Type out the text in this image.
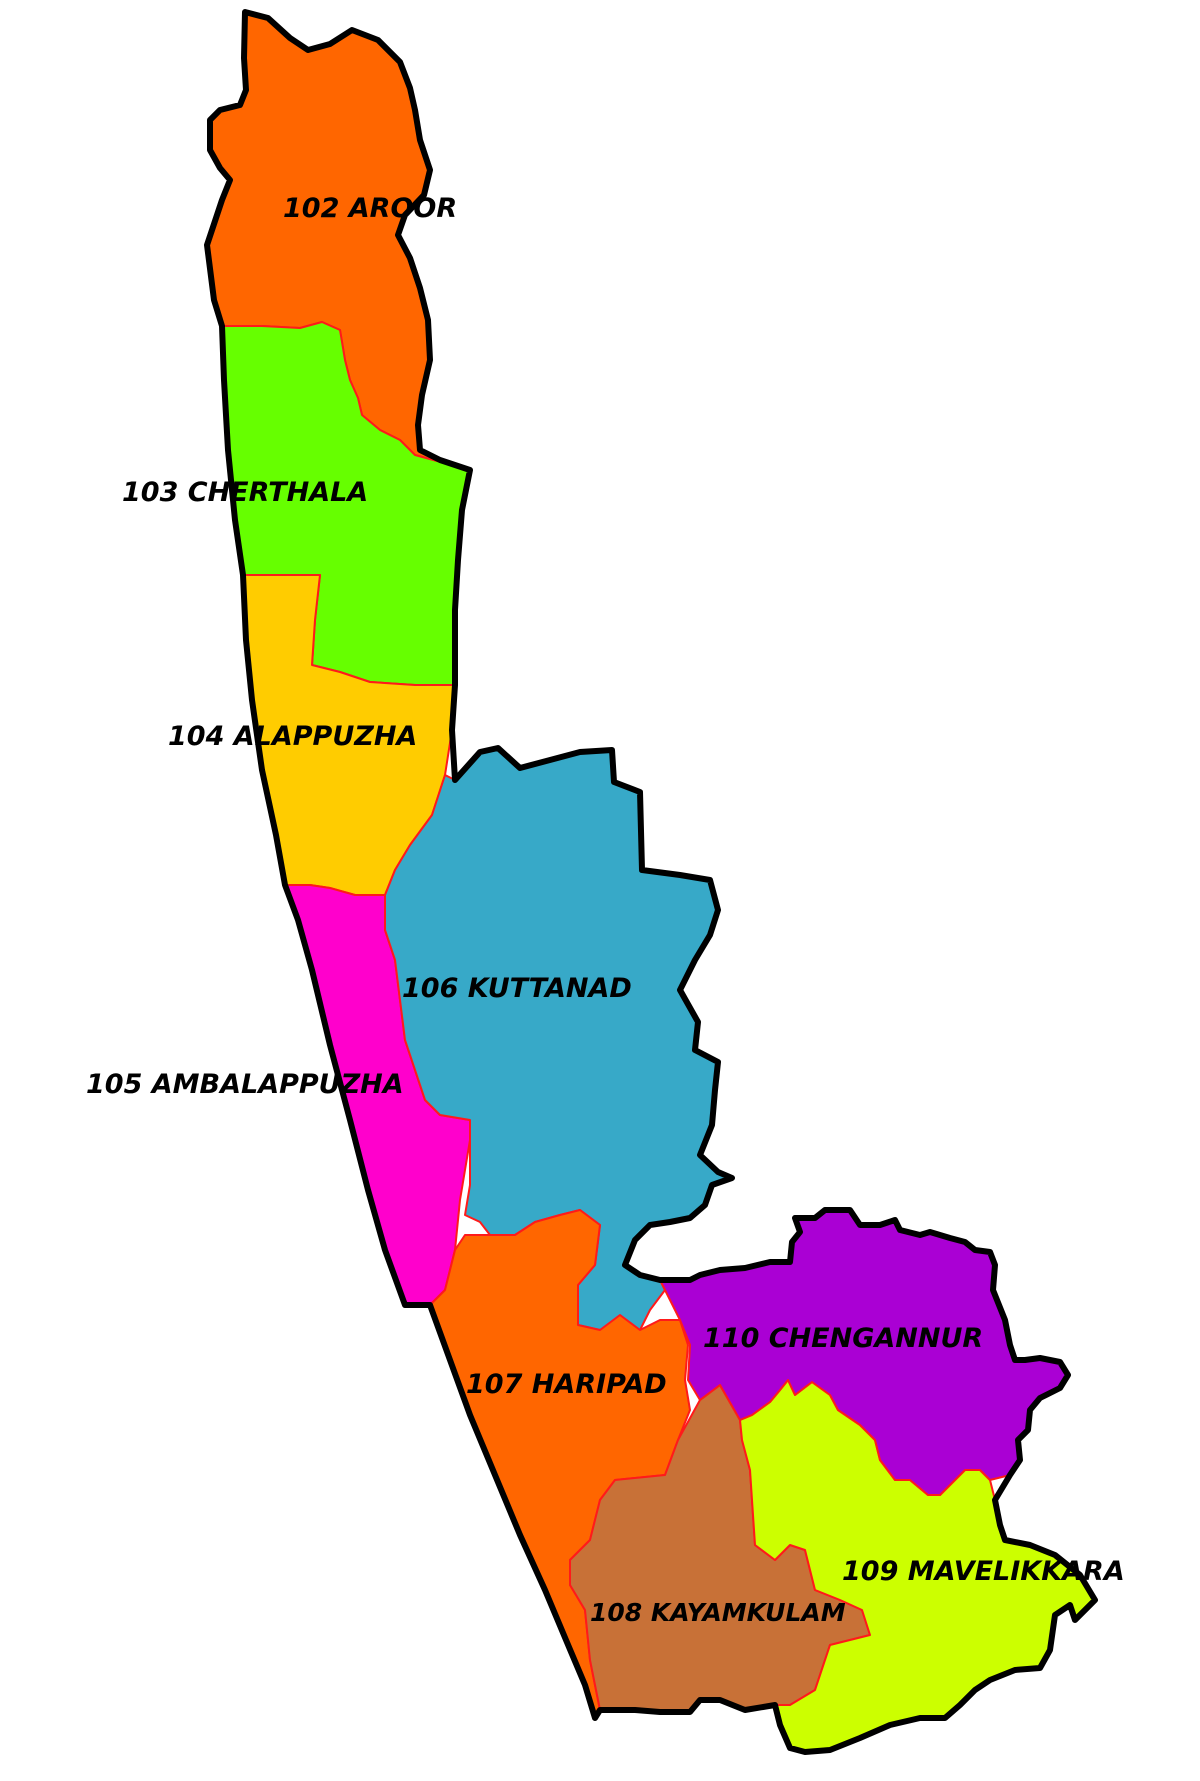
102 AROOR
103 CHERTHALA
104 ALAPPUZHA
105 AMBALAPPUZHA
106 KUTTANAD
107 HARIPAD
108 KAYAMKULAM
109 MAVELIKKARA
110 CHENGANNUR
